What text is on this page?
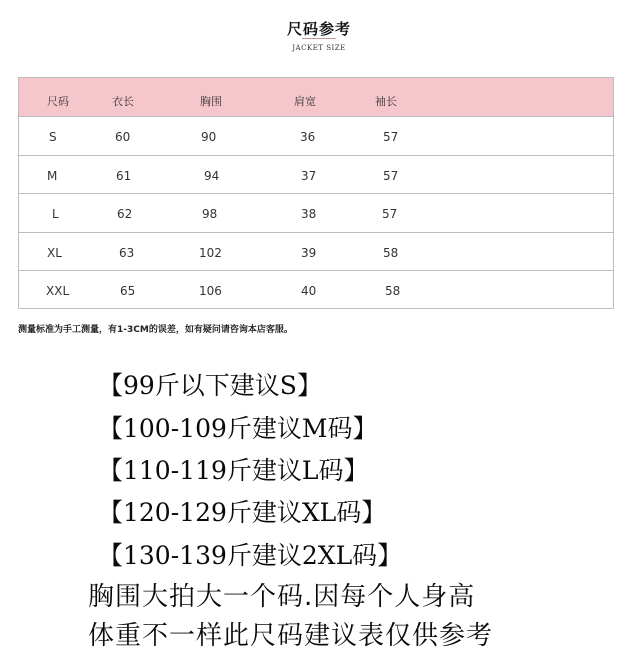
尺码参考
JACKET SIZE
尺码	衣长	胸围	肩宽	袖长
S	60	90	36	57
M	61	94	37	57
L	62	98	38	57
XL	63	102	39	58
XXL	65	106	40	58
测量标准为手工测量，有1-3CM的误差，如有疑问请咨询本店客服。
【99斤以下建议S】
【100-109斤建议M码】
【110-119斤建议L码】
【120-129斤建议XL码】
【130-139斤建议2XL码】
胸围大拍大一个码.因每个人身高
体重不一样此尺码建议表仅供参考
